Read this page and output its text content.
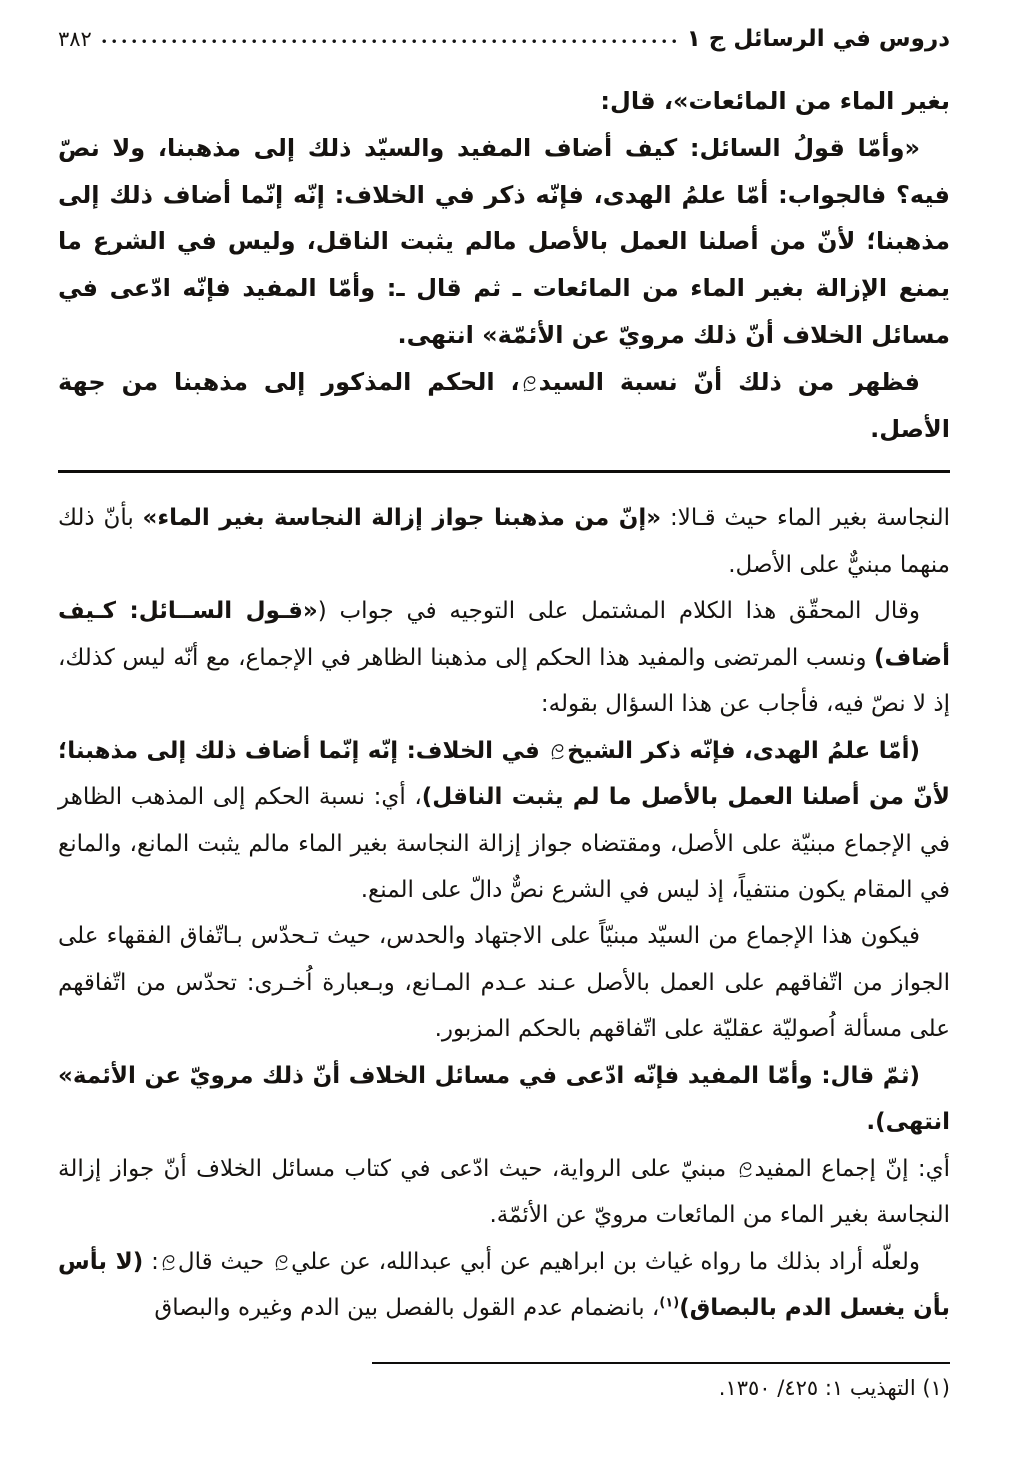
دروس في الرسائل ج ١
٣٨٢

بغير الماء من المائعات»، قال:

«وأمّا قولُ السائل: كيف أضاف المفيد والسيّد ذلك إلى مذهبنا، ولا نصّ فيه؟ فالجواب: أمّا علمُ الهدى، فإنّه ذكر في الخلاف: إنّه إنّما أضاف ذلك إلى مذهبنا؛ لأنّ من أصلنا العمل بالأصل مالم يثبت الناقل، وليس في الشرع ما يمنع الإزالة بغير الماء من المائعات ـ ثم قال ـ: وأمّا المفيد فإنّه ادّعى في مسائل الخلاف أنّ ذلك مرويّ عن الأئمّة» انتهى.

فظهر من ذلك أنّ نسبة السيد
، الحكم المذكور إلى مذهبنا من جهة الأصل.

النجاسة بغير الماء حيث قـالا: «إنّ من مذهبنا جواز إزالة النجاسة بغير الماء» بأنّ ذلك منهما مبنيٌّ على الأصل.

وقال المحقّق هذا الكلام المشتمل على التوجيه في جواب («قـول الســائل: كـيف أضاف) ونسب المرتضى والمفيد هذا الحكم إلى مذهبنا الظاهر في الإجماع، مع أنّه ليس كذلك، إذ لا نصّ فيه، فأجاب عن هذا السؤال بقوله:

(أمّا علمُ الهدى، فإنّه ذكر الشيخ
في الخلاف: إنّه إنّما أضاف ذلك إلى مذهبنا؛ لأنّ من أصلنا العمل بالأصل ما لم يثبت الناقل)، أي: نسبة الحكم إلى المذهب الظاهر في الإجماع مبنيّة على الأصل، ومقتضاه جواز إزالة النجاسة بغير الماء مالم يثبت المانع، والمانع في المقام يكون منتفياً، إذ ليس في الشرع نصٌّ دالّ على المنع.

فيكون هذا الإجماع من السيّد مبنيّاً على الاجتهاد والحدس، حيث تـحدّس بـاتّفاق الفقهاء على الجواز من اتّفاقهم على العمل بالأصل عـند عـدم المـانع، وبـعبارة اُخـرى: تحدّس من اتّفاقهم على مسألة اُصوليّة عقليّة على اتّفاقهم بالحكم المزبور.

(ثمّ قال: وأمّا المفيد فإنّه ادّعى في مسائل الخلاف أنّ ذلك مرويّ عن الأئمة» انتهى).

أي: إنّ إجماع المفيد
مبنيّ على الرواية، حيث ادّعى في كتاب مسائل الخلاف أنّ جواز إزالة النجاسة بغير الماء من المائعات مرويّ عن الأئمّة.

ولعلّه أراد بذلك ما رواه غياث بن ابراهيم عن أبي عبدالله، عن علي
حيث قال
: (لا بأس بأن يغسل الدم بالبصاق)$^{(١)}$، بانضمام عدم القول بالفصل بين الدم وغيره والبصاق

(١) التهذيب ١: ٤٢٥‏/ ١٣٥٠.
